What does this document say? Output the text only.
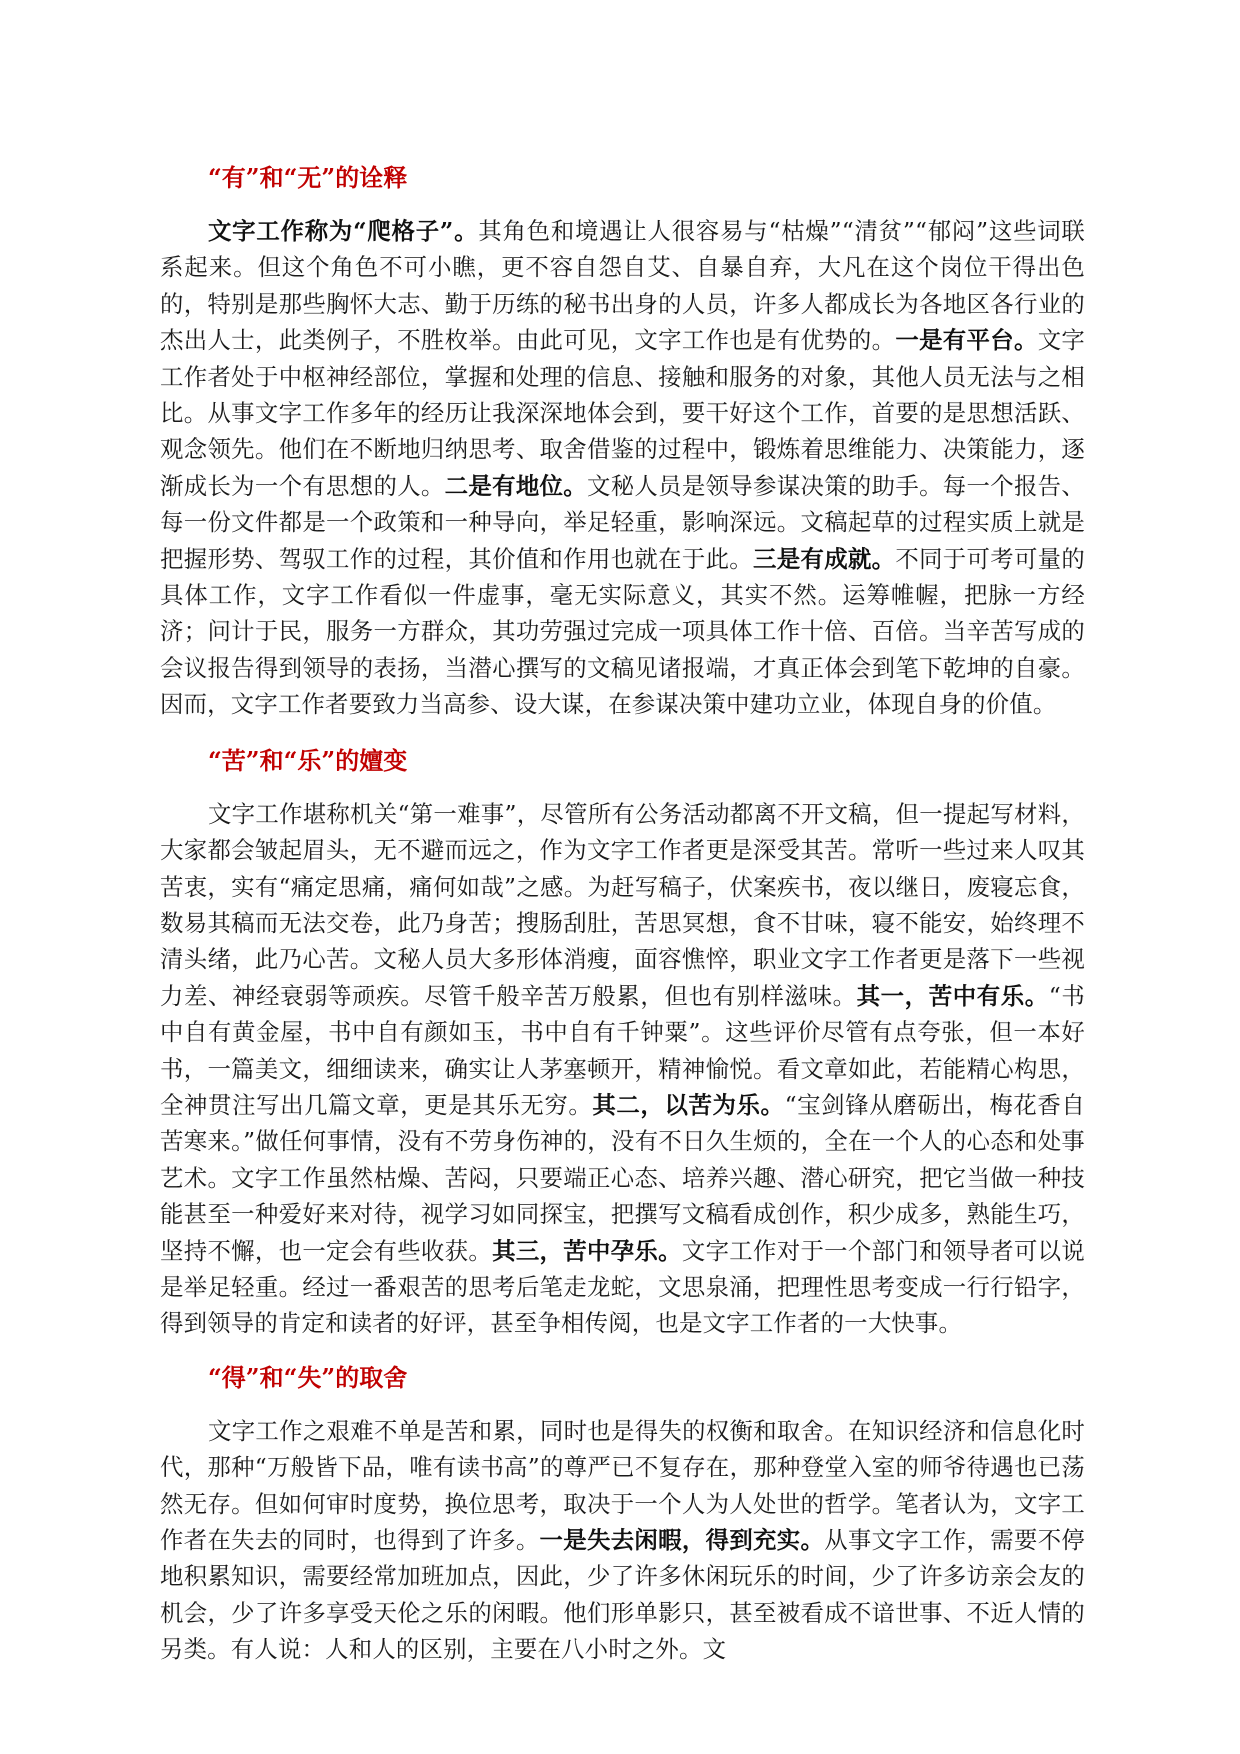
“有”和“无”的诠释

文字工作称为“爬格子”。其角色和境遇让人很容易与“枯燥”“清贫”“郁闷”这些词联系起来。但这个角色不可小瞧，更不容自怨自艾、自暴自弃，大凡在这个岗位干得出色的，特别是那些胸怀大志、勤于历练的秘书出身的人员，许多人都成长为各地区各行业的杰出人士，此类例子，不胜枚举。由此可见，文字工作也是有优势的。一是有平台。文字工作者处于中枢神经部位，掌握和处理的信息、接触和服务的对象，其他人员无法与之相比。从事文字工作多年的经历让我深深地体会到，要干好这个工作，首要的是思想活跃、观念领先。他们在不断地归纳思考、取舍借鉴的过程中，锻炼着思维能力、决策能力，逐渐成长为一个有思想的人。二是有地位。文秘人员是领导参谋决策的助手。每一个报告、每一份文件都是一个政策和一种导向，举足轻重，影响深远。文稿起草的过程实质上就是把握形势、驾驭工作的过程，其价值和作用也就在于此。三是有成就。不同于可考可量的具体工作，文字工作看似一件虚事，毫无实际意义，其实不然。运筹帷幄，把脉一方经济；问计于民，服务一方群众，其功劳强过完成一项具体工作十倍、百倍。当辛苦写成的会议报告得到领导的表扬，当潜心撰写的文稿见诸报端，才真正体会到笔下乾坤的自豪。因而，文字工作者要致力当高参、设大谋，在参谋决策中建功立业，体现自身的价值。

“苦”和“乐”的嬗变

文字工作堪称机关“第一难事”，尽管所有公务活动都离不开文稿，但一提起写材料，大家都会皱起眉头，无不避而远之，作为文字工作者更是深受其苦。常听一些过来人叹其苦衷，实有“痛定思痛，痛何如哉”之感。为赶写稿子，伏案疾书，夜以继日，废寝忘食，数易其稿而无法交卷，此乃身苦；搜肠刮肚，苦思冥想，食不甘味，寝不能安，始终理不清头绪，此乃心苦。文秘人员大多形体消瘦，面容憔悴，职业文字工作者更是落下一些视力差、神经衰弱等顽疾。尽管千般辛苦万般累，但也有别样滋味。其一，苦中有乐。“书中自有黄金屋，书中自有颜如玉，书中自有千钟粟”。这些评价尽管有点夸张，但一本好书，一篇美文，细细读来，确实让人茅塞顿开，精神愉悦。看文章如此，若能精心构思，全神贯注写出几篇文章，更是其乐无穷。其二，以苦为乐。“宝剑锋从磨砺出，梅花香自苦寒来。”做任何事情，没有不劳身伤神的，没有不日久生烦的，全在一个人的心态和处事艺术。文字工作虽然枯燥、苦闷，只要端正心态、培养兴趣、潜心研究，把它当做一种技能甚至一种爱好来对待，视学习如同探宝，把撰写文稿看成创作，积少成多，熟能生巧，坚持不懈，也一定会有些收获。其三，苦中孕乐。文字工作对于一个部门和领导者可以说是举足轻重。经过一番艰苦的思考后笔走龙蛇，文思泉涌，把理性思考变成一行行铅字，得到领导的肯定和读者的好评，甚至争相传阅，也是文字工作者的一大快事。

“得”和“失”的取舍

文字工作之艰难不单是苦和累，同时也是得失的权衡和取舍。在知识经济和信息化时代，那种“万般皆下品，唯有读书高”的尊严已不复存在，那种登堂入室的师爷待遇也已荡然无存。但如何审时度势，换位思考，取决于一个人为人处世的哲学。笔者认为，文字工作者在失去的同时，也得到了许多。一是失去闲暇，得到充实。从事文字工作，需要不停地积累知识，需要经常加班加点，因此，少了许多休闲玩乐的时间，少了许多访亲会友的机会，少了许多享受天伦之乐的闲暇。他们形单影只，甚至被看成不谙世事、不近人情的另类。有人说：人和人的区别，主要在八小时之外。文
